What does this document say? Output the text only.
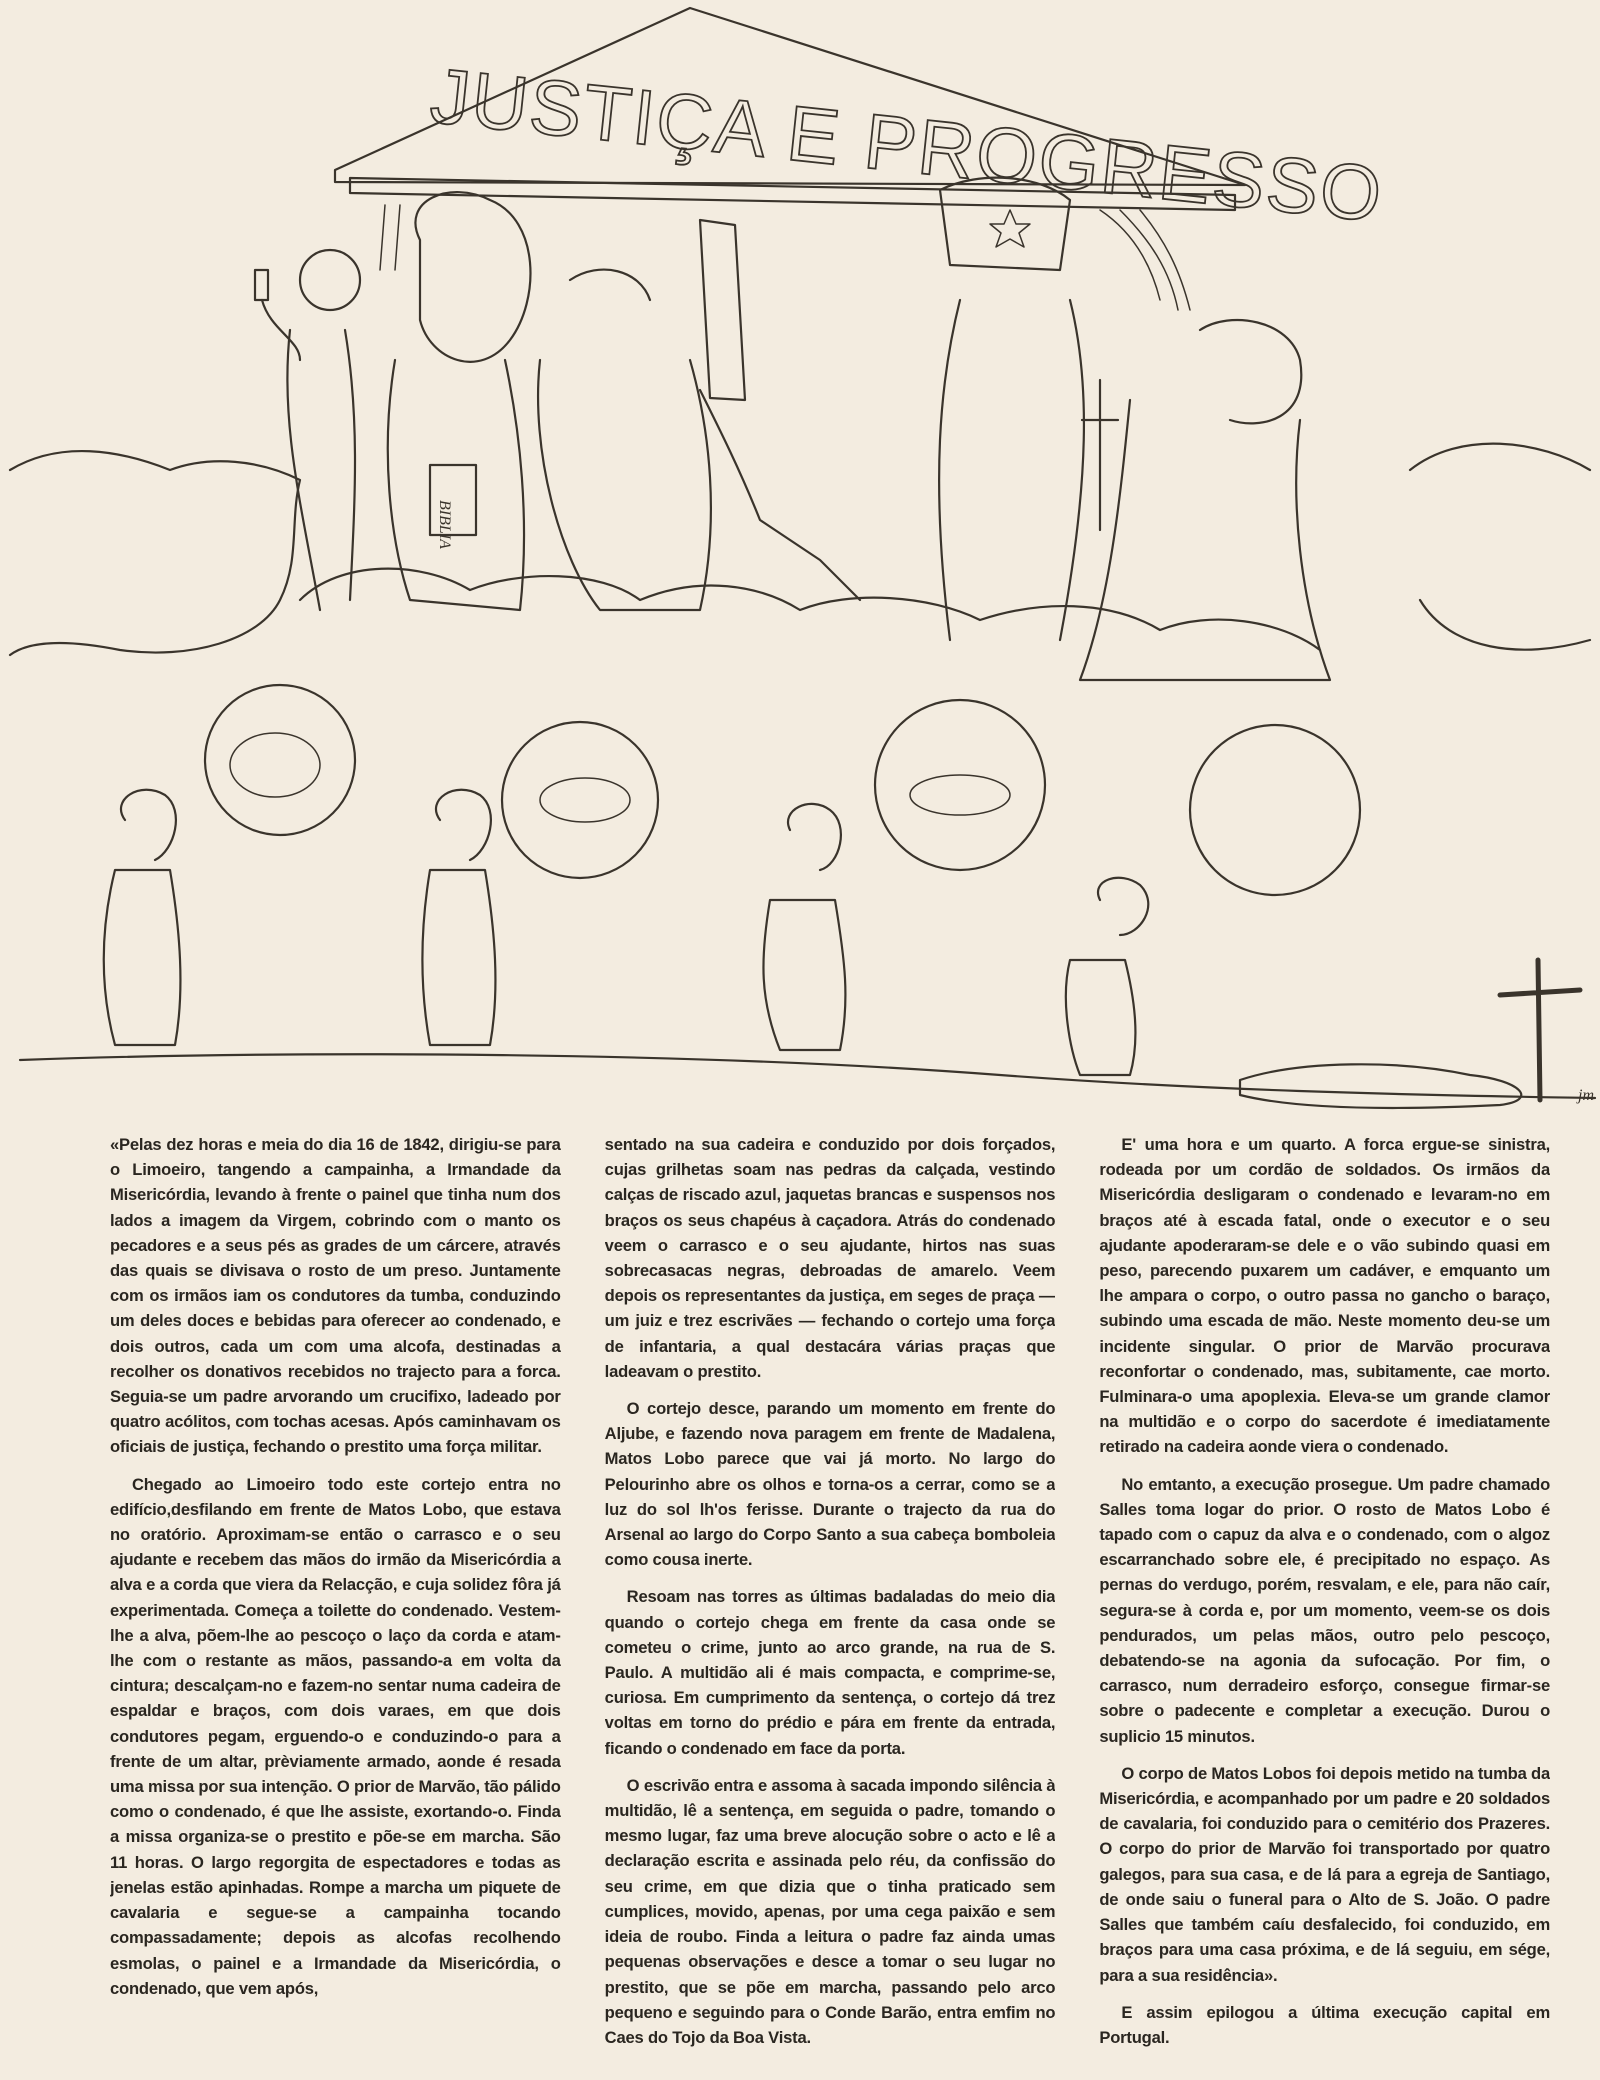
JUSTIÇA E PROGRESSO
BIBLIA
jm

«Pelas dez horas e meia do dia 16 de 1842, dirigiu-se para o Limoeiro, tangendo a campainha, a Irmandade da Misericórdia, levando à frente o painel que tinha num dos lados a imagem da Virgem, cobrindo com o manto os pecadores e a seus pés as grades de um cárcere, através das quais se divisava o rosto de um preso. Juntamente com os irmãos iam os condutores da tumba, conduzindo um deles doces e bebidas para oferecer ao condenado, e dois outros, cada um com uma alcofa, destinadas a recolher os donativos recebidos no trajecto para a forca. Seguia-se um padre arvorando um crucifixo, ladeado por quatro acólitos, com tochas acesas. Após caminhavam os oficiais de justiça, fechando o prestito uma força militar.

Chegado ao Limoeiro todo este cortejo entra no edifício,desfilando em frente de Matos Lobo, que estava no oratório. Aproximam-se então o carrasco e o seu ajudante e recebem das mãos do irmão da Misericórdia a alva e a corda que viera da Relacção, e cuja solidez fôra já experimentada. Começa a toilette do condenado. Vestem-lhe a alva, põem-lhe ao pescoço o laço da corda e atam-lhe com o restante as mãos, passando-a em volta da cintura; descalçam-no e fazem-no sentar numa cadeira de espaldar e braços, com dois varaes, em que dois condutores pegam, erguendo-o e conduzindo-o para a frente de um altar, prèviamente armado, aonde é resada uma missa por sua intenção. O prior de Marvão, tão pálido como o condenado, é que lhe assiste, exortando-o. Finda a missa organiza-se o prestito e põe-se em marcha. São 11 horas. O largo regorgita de espectadores e todas as jenelas estão apinhadas. Rompe a marcha um piquete de cavalaria e segue-se a campainha tocando compassadamente; depois as alcofas recolhendo esmolas, o painel e a Irmandade da Misericórdia, o condenado, que vem após,

sentado na sua cadeira e conduzido por dois forçados, cujas grilhetas soam nas pedras da calçada, vestindo calças de riscado azul, jaquetas brancas e suspensos nos braços os seus chapéus à caçadora. Atrás do condenado veem o carrasco e o seu ajudante, hirtos nas suas sobrecasacas negras, debroadas de amarelo. Veem depois os representantes da justiça, em seges de praça — um juiz e trez escrivães — fechando o cortejo uma força de infantaria, a qual destacára várias praças que ladeavam o prestito.

O cortejo desce, parando um momento em frente do Aljube, e fazendo nova paragem em frente de Madalena, Matos Lobo parece que vai já morto. No largo do Pelourinho abre os olhos e torna-os a cerrar, como se a luz do sol lh'os ferisse. Durante o trajecto da rua do Arsenal ao largo do Corpo Santo a sua cabeça bomboleia como cousa inerte.

Resoam nas torres as últimas badaladas do meio dia quando o cortejo chega em frente da casa onde se cometeu o crime, junto ao arco grande, na rua de S. Paulo. A multidão ali é mais compacta, e comprime-se, curiosa. Em cumprimento da sentença, o cortejo dá trez voltas em torno do prédio e pára em frente da entrada, ficando o condenado em face da porta.

O escrivão entra e assoma à sacada impondo silência à multidão, lê a sentença, em seguida o padre, tomando o mesmo lugar, faz uma breve alocução sobre o acto e lê a declaração escrita e assinada pelo réu, da confissão do seu crime, em que dizia que o tinha praticado sem cumplices, movido, apenas, por uma cega paixão e sem ideia de roubo. Finda a leitura o padre faz ainda umas pequenas observações e desce a tomar o seu lugar no prestito, que se põe em marcha, passando pelo arco pequeno e seguindo para o Conde Barão, entra emfim no Caes do Tojo da Boa Vista.

E' uma hora e um quarto. A forca ergue-se sinistra, rodeada por um cordão de soldados. Os irmãos da Misericórdia desligaram o condenado e levaram-no em braços até à escada fatal, onde o executor e o seu ajudante apoderaram-se dele e o vão subindo quasi em peso, parecendo puxarem um cadáver, e emquanto um lhe ampara o corpo, o outro passa no gancho o baraço, subindo uma escada de mão. Neste momento deu-se um incidente singular. O prior de Marvão procurava reconfortar o condenado, mas, subitamente, cae morto. Fulminara-o uma apoplexia. Eleva-se um grande clamor na multidão e o corpo do sacerdote é imediatamente retirado na cadeira aonde viera o condenado.

No emtanto, a execução prosegue. Um padre chamado Salles toma logar do prior. O rosto de Matos Lobo é tapado com o capuz da alva e o condenado, com o algoz escarranchado sobre ele, é precipitado no espaço. As pernas do verdugo, porém, resvalam, e ele, para não caír, segura-se à corda e, por um momento, veem-se os dois pendurados, um pelas mãos, outro pelo pescoço, debatendo-se na agonia da sufocação. Por fim, o carrasco, num derradeiro esforço, consegue firmar-se sobre o padecente e completar a execução. Durou o suplicio 15 minutos.

O corpo de Matos Lobos foi depois metido na tumba da Misericórdia, e acompanhado por um padre e 20 soldados de cavalaria, foi conduzido para o cemitério dos Prazeres. O corpo do prior de Marvão foi transportado por quatro galegos, para sua casa, e de lá para a egreja de Santiago, de onde saiu o funeral para o Alto de S. João. O padre Salles que também caíu desfalecido, foi conduzido, em braços para uma casa próxima, e de lá seguiu, em ségе, para a sua residência».

E assim epilogou a última execução capital em Portugal.
